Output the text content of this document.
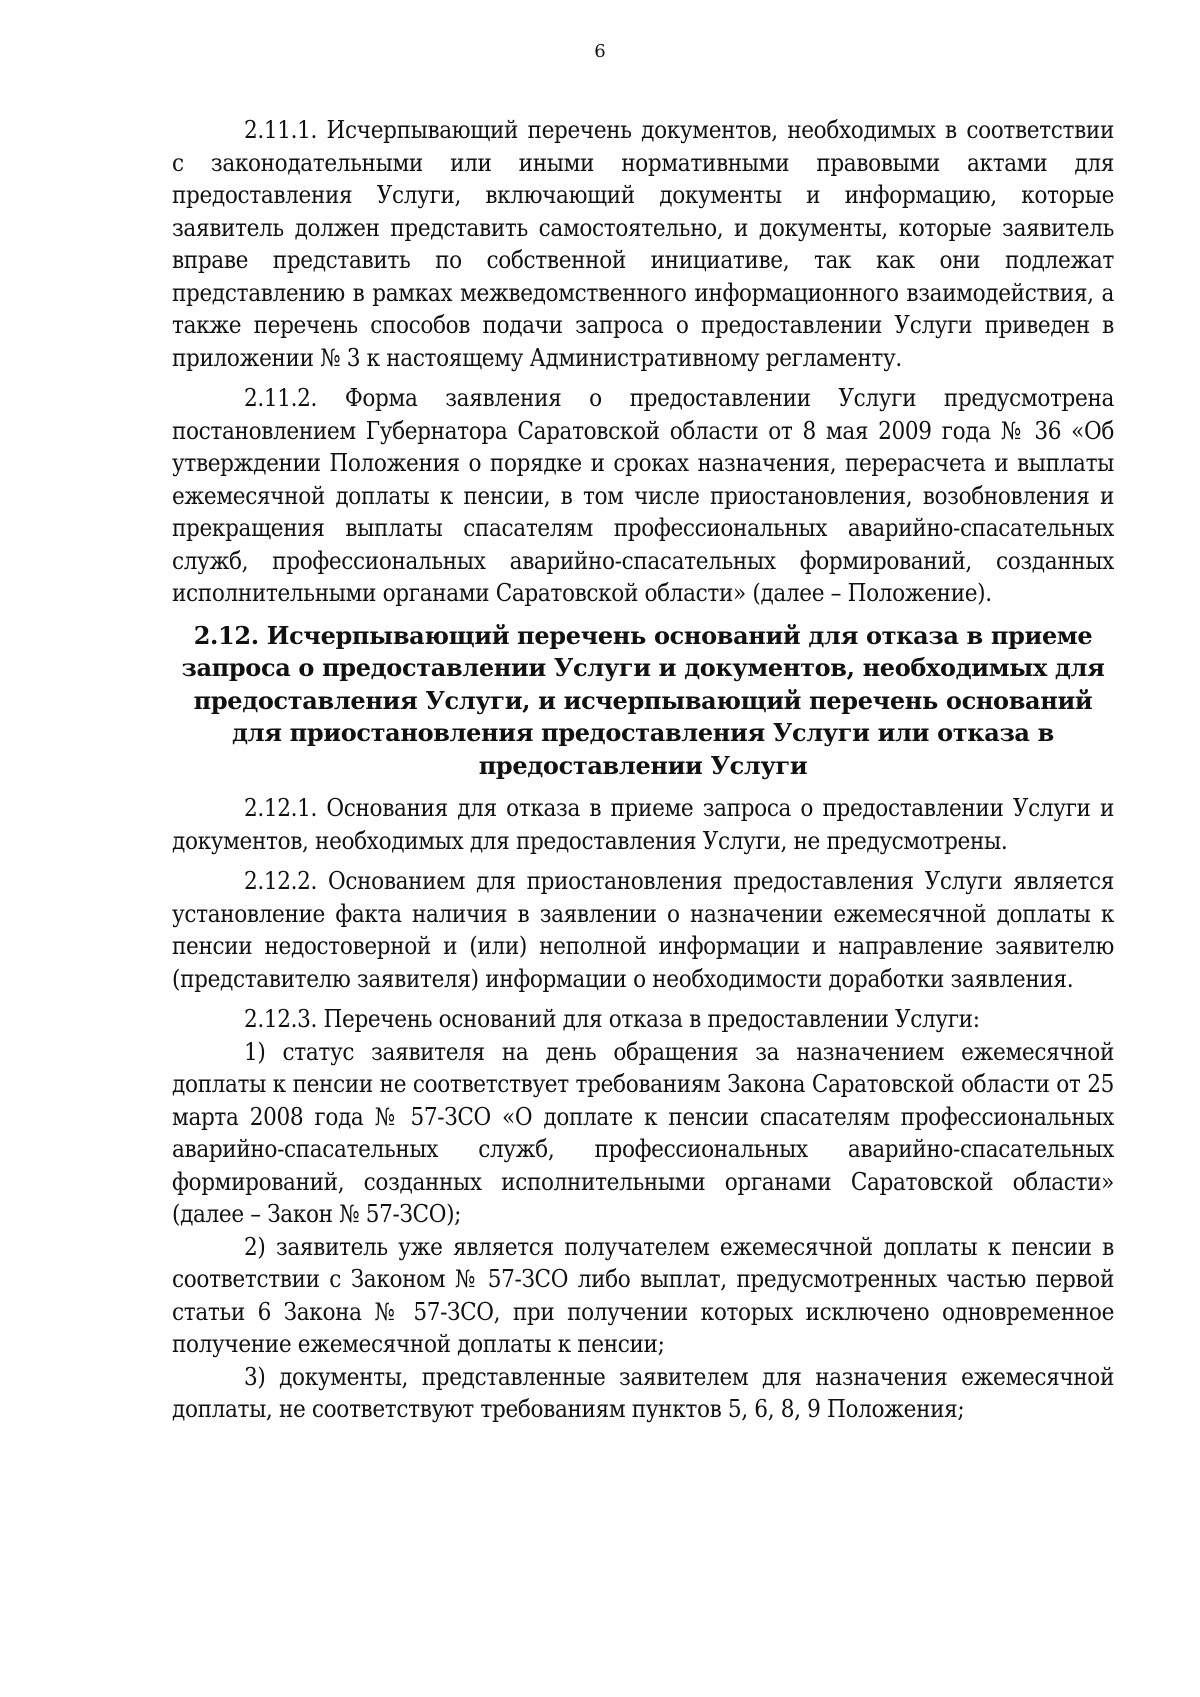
6

2.11.1. Исчерпывающий перечень документов, необходимых в соответствии с законодательными или иными нормативными правовыми актами для предоставления Услуги, включающий документы и информацию, которые заявитель должен представить самостоятельно, и документы, которые заявитель вправе представить по собственной инициативе, так как они подлежат представлению в рамках межведомственного информационного взаимодействия, а также перечень способов подачи запроса о предоставлении Услуги приведен в приложении № 3 к настоящему Административному регламенту.

2.11.2. Форма заявления о предоставлении Услуги предусмотрена постановлением Губернатора Саратовской области от 8 мая 2009 года № 36 «Об утверждении Положения о порядке и сроках назначения, перерасчета и выплаты ежемесячной доплаты к пенсии, в том числе приостановления, возобновления и прекращения выплаты спасателям профессиональных аварийно-спасательных служб, профессиональных аварийно-спасательных формирований, созданных исполнительными органами Саратовской области» (далее – Положение).

2.12. Исчерпывающий перечень оснований для отказа в приеме запроса о предоставлении Услуги и документов, необходимых для предоставления Услуги, и исчерпывающий перечень оснований для приостановления предоставления Услуги или отказа в предоставлении Услуги

2.12.1. Основания для отказа в приеме запроса о предоставлении Услуги и документов, необходимых для предоставления Услуги, не предусмотрены.

2.12.2. Основанием для приостановления предоставления Услуги является установление факта наличия в заявлении о назначении ежемесячной доплаты к пенсии недостоверной и (или) неполной информации и направление заявителю (представителю заявителя) информации о необходимости доработки заявления.

2.12.3. Перечень оснований для отказа в предоставлении Услуги:

1) статус заявителя на день обращения за назначением ежемесячной доплаты к пенсии не соответствует требованиям Закона Саратовской области от 25 марта 2008 года № 57-ЗСО «О доплате к пенсии спасателям профессиональных аварийно-спасательных служб, профессиональных аварийно-спасательных формирований, созданных исполнительными органами Саратовской области» (далее – Закон № 57-ЗСО);

2) заявитель уже является получателем ежемесячной доплаты к пенсии в соответствии с Законом № 57-ЗСО либо выплат, предусмотренных частью первой статьи 6 Закона № 57-ЗСО, при получении которых исключено одновременное получение ежемесячной доплаты к пенсии;

3) документы, представленные заявителем для назначения ежемесячной доплаты, не соответствуют требованиям пунктов 5, 6, 8, 9 Положения;
